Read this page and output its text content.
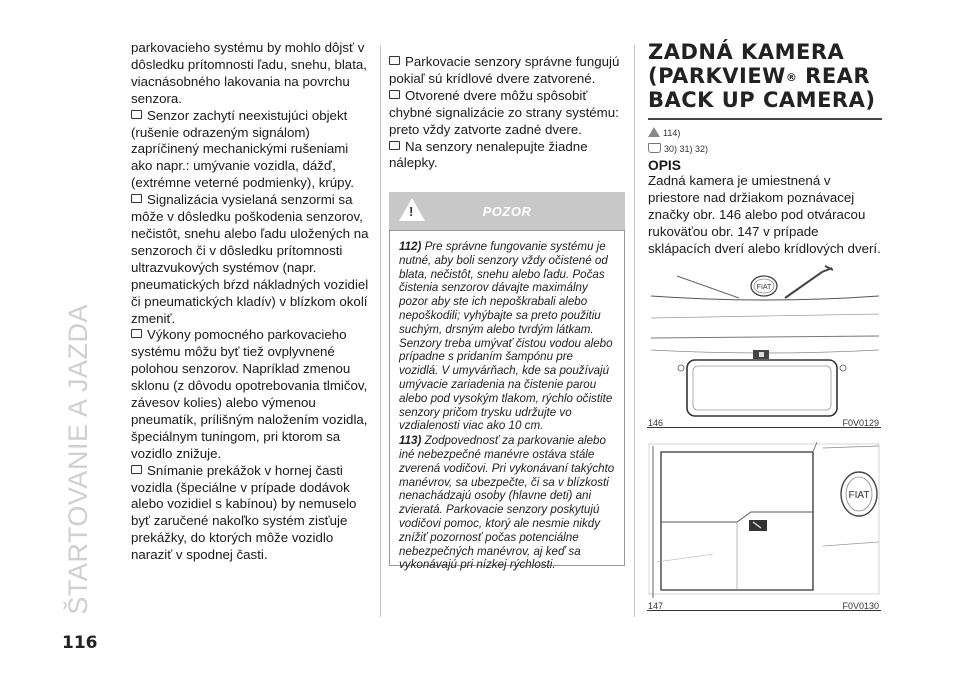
ŠTARTOVANIE A JAZDA
116

parkovacieho systému by mohlo dôjsť v dôsledku prítomnosti ľadu, snehu, blata, viacnásobného lakovania na povrchu senzora.

Senzor zachytí neexistujúci objekt (rušenie odrazeným signálom) zapríčinený mechanickými rušeniami ako napr.: umývanie vozidla, dážď, (extrémne veterné podmienky), krúpy.

Signalizácia vysielaná senzormi sa môže v dôsledku poškodenia senzorov, nečistôt, snehu alebo ľadu uložených na senzoroch či v dôsledku prítomnosti ultrazvukových systémov (napr. pneumatických bŕzd nákladných vozidiel či pneumatických kladív) v blízkom okolí zmeniť.

Výkony pomocného parkovacieho systému môžu byť tiež ovplyvnené polohou senzorov. Napríklad zmenou sklonu (z dôvodu opotrebovania tlmičov, závesov kolies) alebo výmenou pneumatík, prílišným naložením vozidla, špeciálnym tuningom, pri ktorom sa vozidlo znižuje.

Snímanie prekážok v hornej časti vozidla (špeciálne v prípade dodávok alebo vozidiel s kabínou) by nemuselo byť zaručené nakoľko systém zisťuje prekážky, do ktorých môže vozidlo naraziť v spodnej časti.

Parkovacie senzory správne fungujú pokiaľ sú krídlové dvere zatvorené.

Otvorené dvere môžu spôsobiť chybné signalizácie zo strany systému: preto vždy zatvorte zadné dvere.

Na senzory nenalepujte žiadne nálepky.

!
POZOR

112) Pre správne fungovanie systému je nutné, aby boli senzory vždy očistené od blata, nečistôt, snehu alebo ľadu. Počas čistenia senzorov dávajte maximálny pozor aby ste ich nepoškrabali alebo nepoškodili; vyhýbajte sa preto použitiu suchým, drsným alebo tvrdým látkam. Senzory treba umývať čistou vodou alebo prípadne s pridaním šampónu pre vozidlá. V umyvárňach, kde sa používajú umývacie zariadenia na čistenie parou alebo pod vysokým tlakom, rýchlo očistite senzory pričom trysku udržujte vo vzdialenosti viac ako 10 cm.

113) Zodpovednosť za parkovanie alebo iné nebezpečné manévre ostáva stále zverená vodičovi. Pri vykonávaní takýchto manévrov, sa ubezpečte, či sa v blízkosti nenachádzajú osoby (hlavne deti) ani zvieratá. Parkovacie senzory poskytujú vodičovi pomoc, ktorý ale nesmie nikdy znížiť pozornosť počas potenciálne nebezpečných manévrov, aj keď sa vykonávajú pri nízkej rýchlosti.

ZADNÁ KAMERA
(PARKVIEW® REAR
BACK UP CAMERA)
114)
30) 31) 32)
OPIS

Zadná kamera je umiestnená v priestore nad držiakom poznávacej značky obr. 146 alebo pod otváracou rukoväťou obr. 147 v prípade sklápacích dverí alebo krídlových dverí.

FIAT
146	F0V0129
FIAT
147	F0V0130
